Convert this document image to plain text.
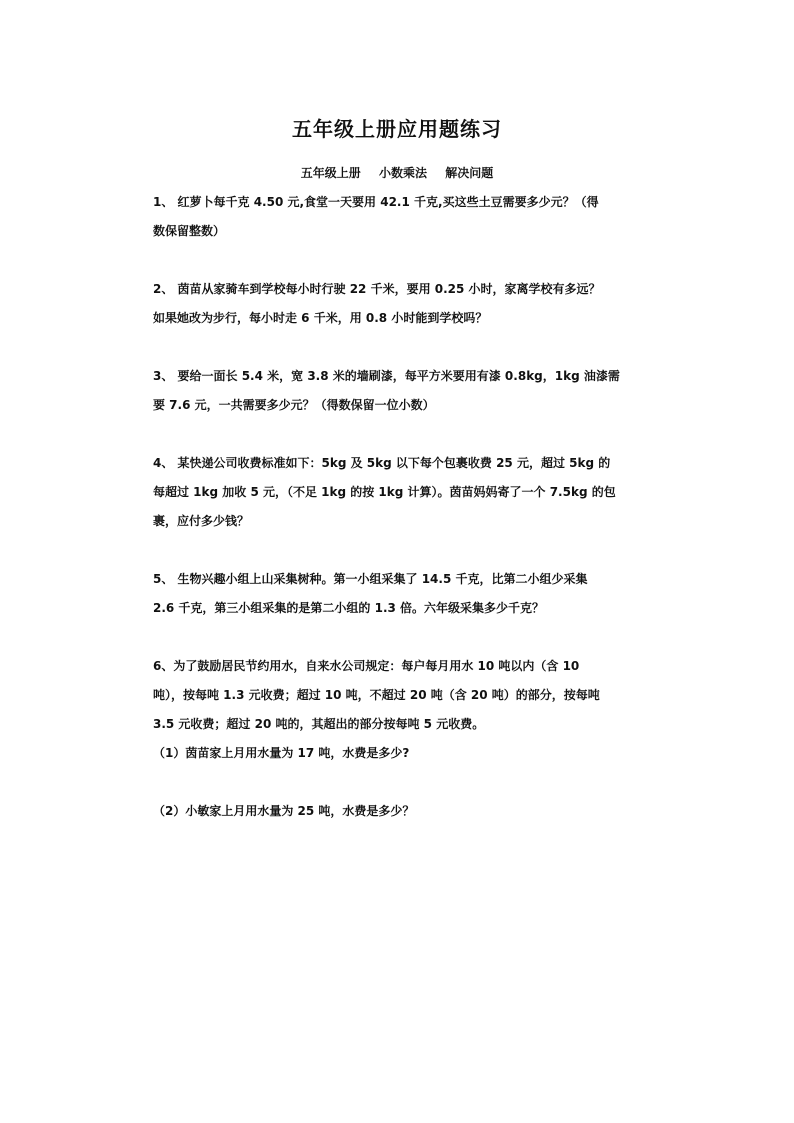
五年级上册应用题练习
五年级上册 小数乘法 解决问题

1、 红萝卜每千克 4.50 元,食堂一天要用 42.1 千克,买这些土豆需要多少元？（得

数保留整数）

2、 茵苗从家骑车到学校每小时行驶 22 千米，要用 0.25 小时，家离学校有多远？

如果她改为步行，每小时走 6 千米，用 0.8 小时能到学校吗？

3、 要给一面长 5.4 米，宽 3.8 米的墙刷漆，每平方米要用有漆 0.8kg，1kg 油漆需

要 7.6 元，一共需要多少元？（得数保留一位小数）

4、 某快递公司收费标准如下：5kg 及 5kg 以下每个包裹收费 25 元，超过 5kg 的

每超过 1kg 加收 5 元，（不足 1kg 的按 1kg 计算）。茵苗妈妈寄了一个 7.5kg 的包

裹，应付多少钱？

5、 生物兴趣小组上山采集树种。第一小组采集了 14.5 千克，比第二小组少采集

2.6 千克，第三小组采集的是第二小组的 1.3 倍。六年级采集多少千克？

6、为了鼓励居民节约用水，自来水公司规定：每户每月用水 10 吨以内（含 10

吨），按每吨 1.3 元收费；超过 10 吨，不超过 20 吨（含 20 吨）的部分，按每吨

3.5 元收费；超过 20 吨的，其超出的部分按每吨 5 元收费。

（1）茵苗家上月用水量为 17 吨，水费是多少?

（2）小敏家上月用水量为 25 吨，水费是多少？
